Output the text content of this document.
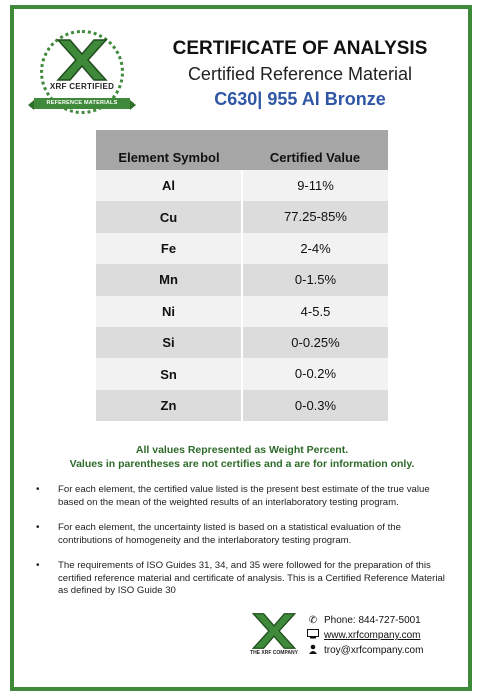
XRF CERTIFIED
REFERENCE MATERIALS
CERTIFICATE OF ANALYSIS
Certified Reference Material
C630| 955 Al Bronze
Element Symbol	Certified Value
Al	9-11%
Cu	77.25-85%
Fe	2-4%
Mn	0-1.5%
Ni	4-5.5
Si	0-0.25%
Sn	0-0.2%
Zn	0-0.3%
All values Represented as Weight Percent.
Values in parentheses are not certifies and a are for information only.
• For each element, the certified value listed is the present best estimate of the true value based on the mean of the weighted results of an interlaboratory testing program.
• For each element, the uncertainty listed is based on a statistical evaluation of the contributions of homogeneity and the interlaboratory testing program.
• The requirements of ISO Guides 31, 34, and 35 were followed for the preparation of this certified reference material and certificate of analysis. This is a Certified Reference Material as defined by ISO Guide 30
THE XRF COMPANY
✆ Phone: 844-727-5001
www.xrfcompany.com
troy@xrfcompany.com
